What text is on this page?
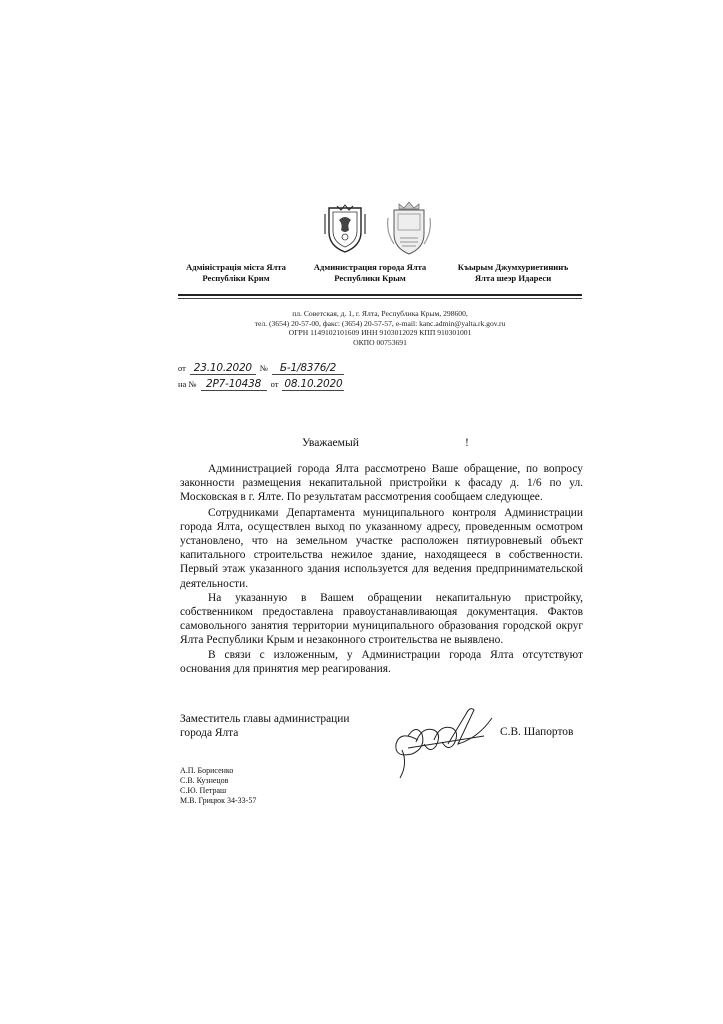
Адміністрація міста Ялта
Республіки Крим
Администрация города Ялта
Республики Крым
Къырым Джумхуриетининъ
Ялта шеэр Идареси
пл. Советская, д. 1, г. Ялта, Республика Крым, 298600,
тел. (3654) 20-57-00, факс: (3654) 20-57-57, e-mail: kanc.admin@yalta.rk.gov.ru
ОГРН 1149102101609 ИНН 9103012029 КПП 910301001
ОКПО 00753691
от 23.10.2020 № Б-1/8376/2
на № 2Р7-10438 от 08.10.2020
Уважаемый	!

Администрацией города Ялта рассмотрено Ваше обращение, по вопросу законности размещения некапитальной пристройки к фасаду д. 1/6 по ул. Московская в г. Ялте. По результатам рассмотрения сообщаем следующее.

Сотрудниками Департамента муниципального контроля Администрации города Ялта, осуществлен выход по указанному адресу, проведенным осмотром установлено, что на земельном участке расположен пятиуровневый объект капитального строительства нежилое здание, находящееся в собственности. Первый этаж указанного здания используется для ведения предпринимательской деятельности.

На указанную в Вашем обращении некапитальную пристройку, собственником предоставлена правоустанавливающая документация. Фактов самовольного занятия территории муниципального образования городской округ Ялта Республики Крым и незаконного строительства не выявлено.

В связи с изложенным, у Администрации города Ялта отсутствуют основания для принятия мер реагирования.

Заместитель главы администрации
города Ялта	С.В. Шапортов
А.П. Борисенко
С.В. Кузнецов
С.Ю. Петраш
М.В. Грицюк 34-33-57
